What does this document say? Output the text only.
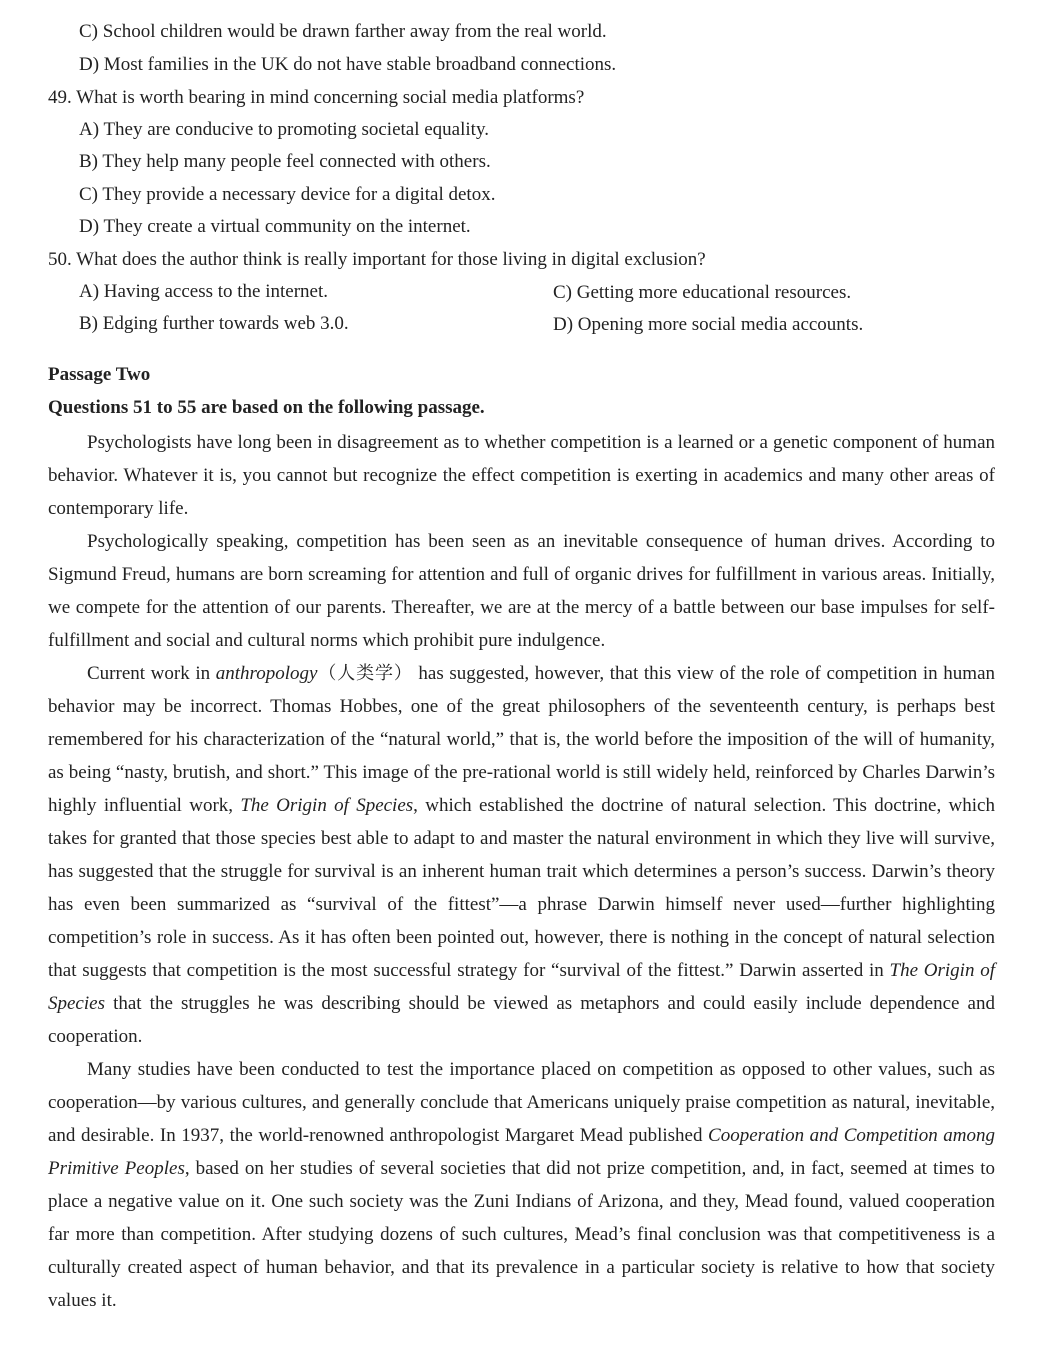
C) School children would be drawn farther away from the real world.
D) Most families in the UK do not have stable broadband connections.
49. What is worth bearing in mind concerning social media platforms?
A) They are conducive to promoting societal equality.
B) They help many people feel connected with others.
C) They provide a necessary device for a digital detox.
D) They create a virtual community on the internet.
50. What does the author think is really important for those living in digital exclusion?
A) Having access to the internet.	C) Getting more educational resources.
B) Edging further towards web 3.0.	D) Opening more social media accounts.
Passage Two
Questions 51 to 55 are based on the following passage.

Psychologists have long been in disagreement as to whether competition is a learned or a genetic component of human behavior. Whatever it is, you cannot but recognize the effect competition is exerting in academics and many other areas of contemporary life.

Psychologically speaking, competition has been seen as an inevitable consequence of human drives. According to Sigmund Freud, humans are born screaming for attention and full of organic drives for fulfillment in various areas. Initially, we compete for the attention of our parents. Thereafter, we are at the mercy of a battle between our base impulses for self-fulfillment and social and cultural norms which prohibit pure indulgence.

Current work in anthropology（人类学） has suggested, however, that this view of the role of competition in human behavior may be incorrect. Thomas Hobbes, one of the great philosophers of the seventeenth century, is perhaps best remembered for his characterization of the “natural world,” that is, the world before the imposition of the will of humanity, as being “nasty, brutish, and short.” This image of the pre-rational world is still widely held, reinforced by Charles Darwin’s highly influential work, The Origin of Species, which established the doctrine of natural selection. This doctrine, which takes for granted that those species best able to adapt to and master the natural environment in which they live will survive, has suggested that the struggle for survival is an inherent human trait which determines a person’s success. Darwin’s theory has even been summarized as “survival of the fittest”—a phrase Darwin himself never used—further highlighting competition’s role in success. As it has often been pointed out, however, there is nothing in the concept of natural selection that suggests that competition is the most successful strategy for “survival of the fittest.” Darwin asserted in The Origin of Species that the struggles he was describing should be viewed as metaphors and could easily include dependence and cooperation.

Many studies have been conducted to test the importance placed on competition as opposed to other values, such as cooperation—by various cultures, and generally conclude that Americans uniquely praise competition as natural, inevitable, and desirable. In 1937, the world-renowned anthropologist Margaret Mead published Cooperation and Competition among Primitive Peoples, based on her studies of several societies that did not prize competition, and, in fact, seemed at times to place a negative value on it. One such society was the Zuni Indians of Arizona, and they, Mead found, valued cooperation far more than competition. After studying dozens of such cultures, Mead’s final conclusion was that competitiveness is a culturally created aspect of human behavior, and that its prevalence in a particular society is relative to how that society values it.
